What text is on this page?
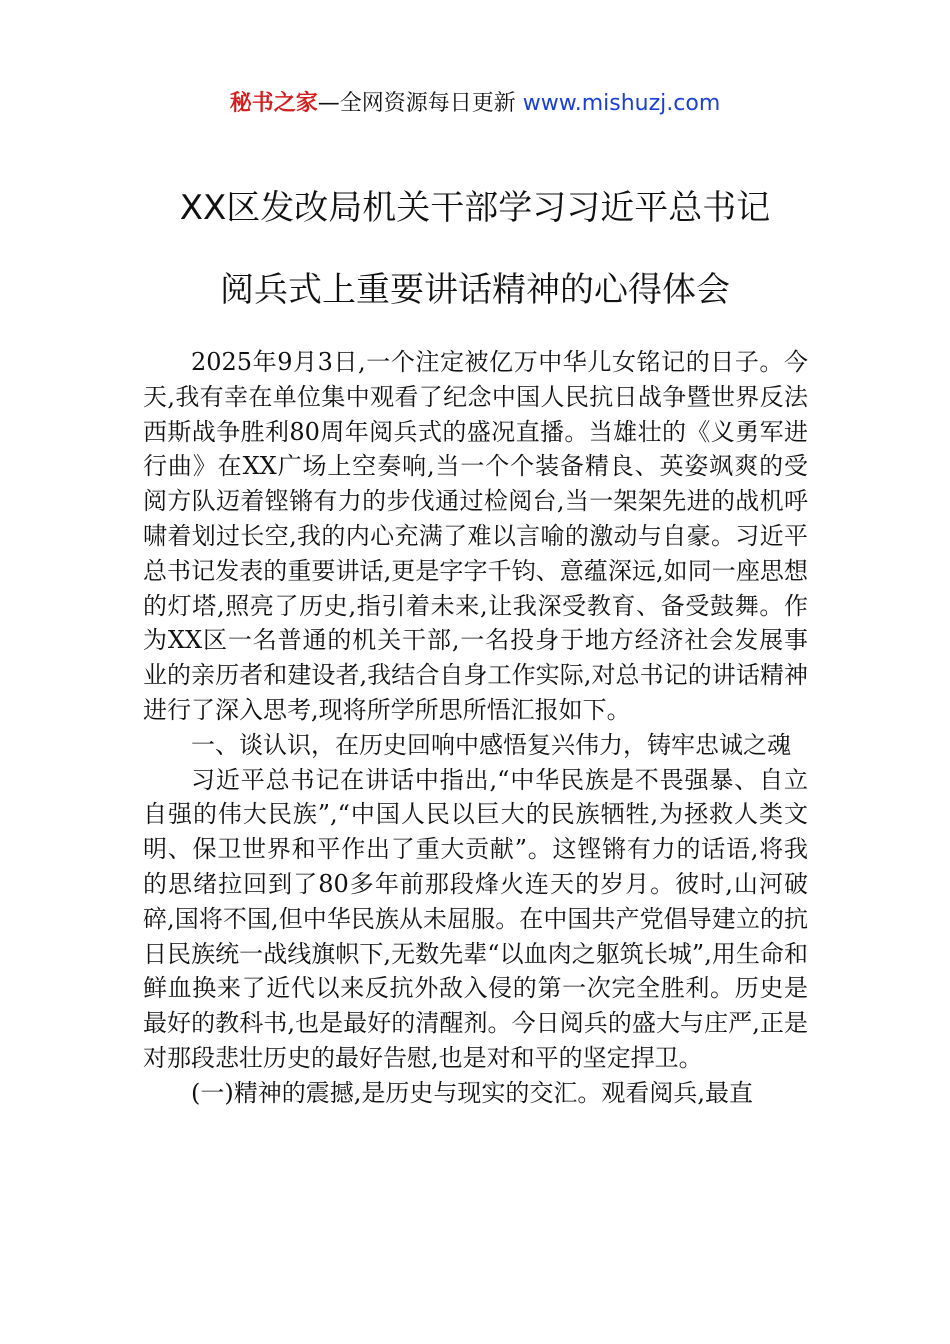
秘书之家—全网资源每日更新 www.mishuzj.com
XX区发改局机关干部学习习近平总书记
阅兵式上重要讲话精神的心得体会

2025年9月3日,一个注定被亿万中华儿女铭记的日子。今天,我有幸在单位集中观看了纪念中国人民抗日战争暨世界反法西斯战争胜利80周年阅兵式的盛况直播。当雄壮的《义勇军进行曲》在XX广场上空奏响,当一个个装备精良、英姿飒爽的受阅方队迈着铿锵有力的步伐通过检阅台,当一架架先进的战机呼啸着划过长空,我的内心充满了难以言喻的激动与自豪。习近平总书记发表的重要讲话,更是字字千钧、意蕴深远,如同一座思想的灯塔,照亮了历史,指引着未来,让我深受教育、备受鼓舞。作为XX区一名普通的机关干部,一名投身于地方经济社会发展事业的亲历者和建设者,我结合自身工作实际,对总书记的讲话精神进行了深入思考,现将所学所思所悟汇报如下。

一、谈认识，在历史回响中感悟复兴伟力，铸牢忠诚之魂

习近平总书记在讲话中指出,“中华民族是不畏强暴、自立自强的伟大民族”,“中国人民以巨大的民族牺牲,为拯救人类文明、保卫世界和平作出了重大贡献”。这铿锵有力的话语,将我的思绪拉回到了80多年前那段烽火连天的岁月。彼时,山河破碎,国将不国,但中华民族从未屈服。在中国共产党倡导建立的抗日民族统一战线旗帜下,无数先辈“以血肉之躯筑长城”,用生命和鲜血换来了近代以来反抗外敌入侵的第一次完全胜利。历史是最好的教科书,也是最好的清醒剂。今日阅兵的盛大与庄严,正是对那段悲壮历史的最好告慰,也是对和平的坚定捍卫。

(一)精神的震撼,是历史与现实的交汇。观看阅兵,最直
